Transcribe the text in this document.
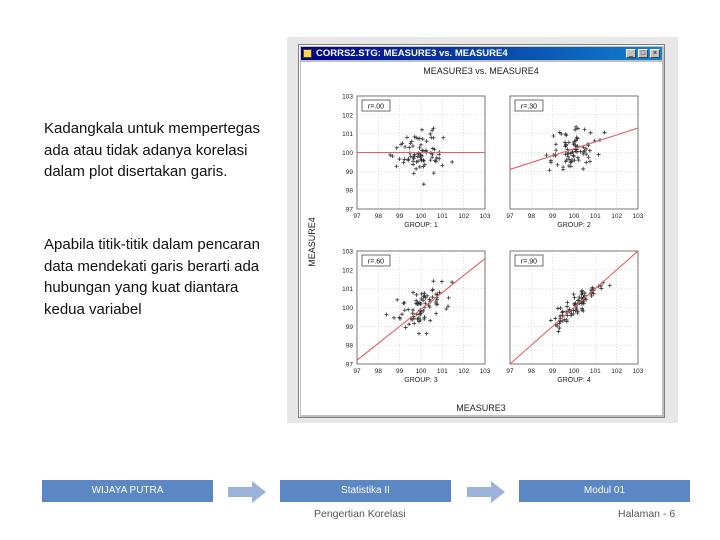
Kadangkala untuk mempertegas ada atau tidak adanya korelasi dalam plot disertakan garis.
Apabila titik-titik dalam pencaran data mendekati garis berarti ada hubungan yang kuat diantara kedua variabel
CORRS2.STG: MEASURE3 vs. MEASURE4	_	□	×
MEASURE3 vs. MEASURE4
MEASURE4
MEASURE3
97
97
98
98
99
99
100
100
101
101
102
102
103
103
r=.00
GROUP: 1
97 98 99 100 101 102 103
r=.30
GROUP: 2
97
97
98
98
99
99
100
100
101
101
102
102
103
103
r=.60
GROUP: 3
97 98 99 100 101 102 103
r=.90
GROUP: 4
WIJAYA PUTRA	Statistika II	Modul 01
Pengertian Korelasi	Halaman - 6
